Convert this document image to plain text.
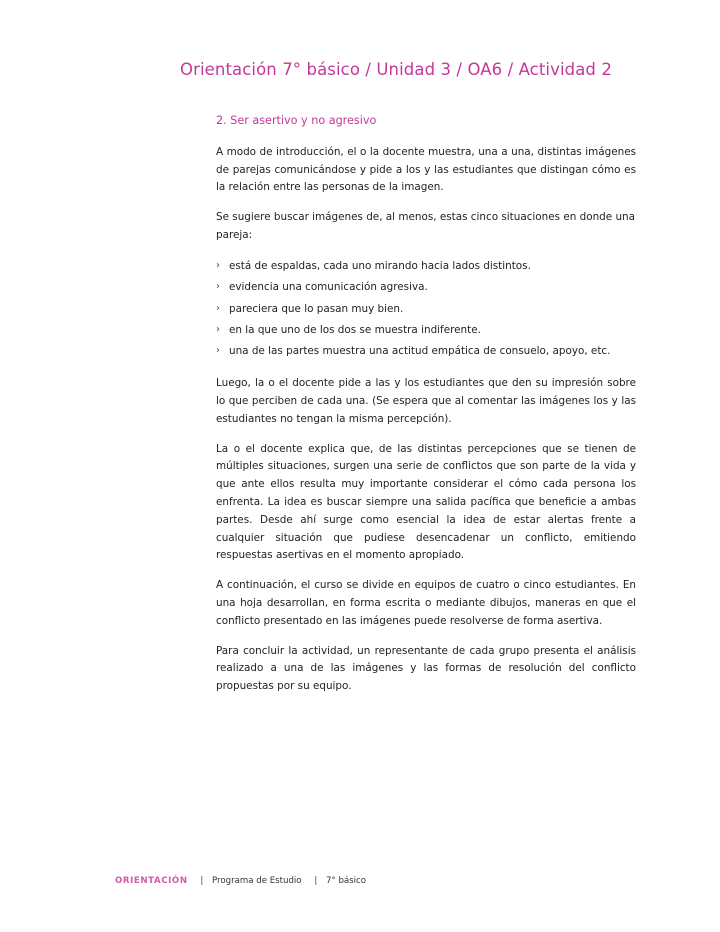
Orientación 7° básico / Unidad 3 / OA6 / Actividad 2
2. Ser asertivo y no agresivo

A modo de introducción, el o la docente muestra, una a una, distintas imágenes de parejas comunicándose y pide a los y las estudiantes que distingan cómo es la relación entre las personas de la imagen.

Se sugiere buscar imágenes de, al menos, estas cinco situaciones en donde una pareja:
› está de espaldas, cada uno mirando hacia lados distintos.
› evidencia una comunicación agresiva.
› pareciera que lo pasan muy bien.
› en la que uno de los dos se muestra indiferente.
› una de las partes muestra una actitud empática de consuelo, apoyo, etc.

Luego, la o el docente pide a las y los estudiantes que den su impresión sobre lo que perciben de cada una. (Se espera que al comentar las imágenes los y las estudiantes no tengan la misma percepción).

La o el docente explica que, de las distintas percepciones que se tienen de múltiples situaciones, surgen una serie de conflictos que son parte de la vida y que ante ellos resulta muy importante considerar el cómo cada persona los enfrenta. La idea es buscar siempre una salida pacífica que beneficie a ambas partes. Desde ahí surge como esencial la idea de estar alertas frente a cualquier situación que pudiese desencadenar un conflicto, emitiendo respuestas asertivas en el momento apropiado.

A continuación, el curso se divide en equipos de cuatro o cinco estudiantes. En una hoja desarrollan, en forma escrita o mediante dibujos, maneras en que el conflicto presentado en las imágenes puede resolverse de forma asertiva.

Para concluir la actividad, un representante de cada grupo presenta el análisis realizado a una de las imágenes y las formas de resolución del conflicto propuestas por su equipo.

ORIENTACIÓN | Programa de Estudio | 7° básico
